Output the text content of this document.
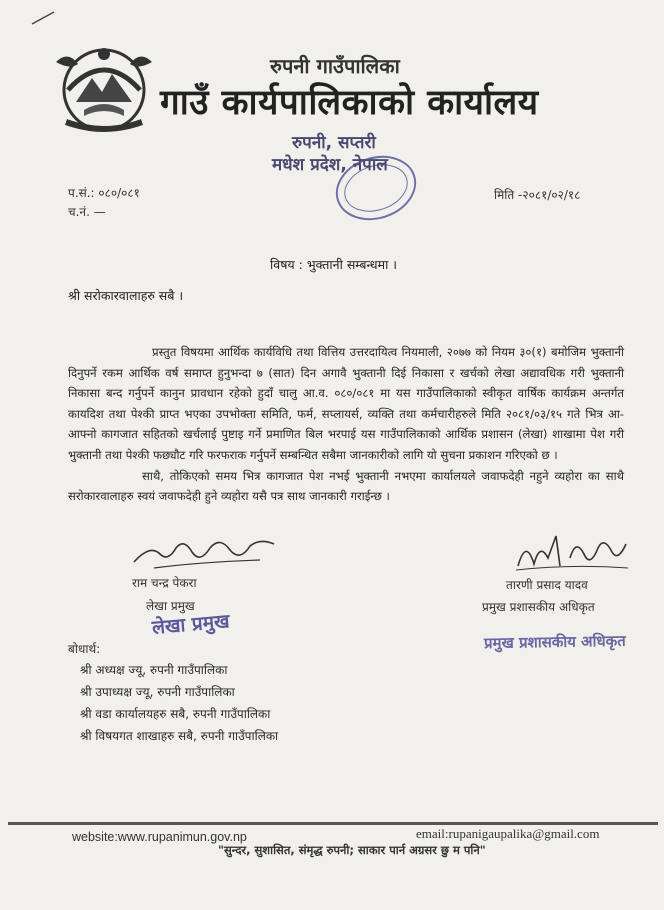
रुपनी गाउँपालिका
गाउँ कार्यपालिकाको कार्यालय
रुपनी, सप्तरी
मधेश प्रदेश, नेपाल
प.सं.: ०८०/०८१
च.नं. —
मिति -२०८१/०२/१८
विषय : भुक्तानी सम्बन्धमा ।
श्री सरोकारवालाहरु सबै ।

प्रस्तुत विषयमा आर्थिक कार्यविधि तथा वित्तिय उत्तरदायित्व नियमाली, २०७७ को नियम ३०(१) बमोजिम भुक्तानी दिनुपर्ने रकम आर्थिक वर्ष समाप्त हुनुभन्दा ७ (सात) दिन अगावै भुक्तानी दिई निकासा र खर्चको लेखा अद्यावधिक गरी भुक्तानी निकासा बन्द गर्नुपर्ने कानुन प्रावधान रहेको हुदाँ चालु आ.व. ०८०/०८१ मा यस गाउँपालिकाको स्वीकृत वार्षिक कार्यक्रम अन्तर्गत कायदिश तथा पेश्की प्राप्त भएका उपभोक्ता समिति, फर्म, सप्लायर्स, व्यक्ति तथा कर्मचारीहरुले मिति २०८१/०३/१५ गते भित्र आ-आफ्नो कागजात सहितको खर्चलाई पुष्टाइ गर्ने प्रमाणित बिल भरपाई यस गाउँपालिकाको आर्थिक प्रशासन (लेखा) शाखामा पेश गरी भुक्तानी तथा पेश्की फछ्यौट गरि फरफराक गर्नुपर्ने सम्बन्धित सबैमा जानकारीको लागि यो सुचना प्रकाशन गरिएको छ ।

साथै, तोकिएको समय भित्र कागजात पेश नभई भुक्तानी नभएमा कार्यालयले जवाफदेही नहुने व्यहोरा का साथै सरोकारवालाहरु स्वयं जवाफदेही हुने व्यहोरा यसै पत्र साथ जानकारी गराईन्छ ।

राम चन्द्र पेकरा
लेखा प्रमुख
तारणी प्रसाद यादव
प्रमुख प्रशासकीय अधिकृत
लेखा प्रमुख
प्रमुख प्रशासकीय अधिकृत
बोधार्थ:
श्री अध्यक्ष ज्यू, रुपनी गाउँपालिका
श्री उपाध्यक्ष ज्यू, रुपनी गाउँपालिका
श्री वडा कार्यालयहरु सबै, रुपनी गाउँपालिका
श्री विषयगत शाखाहरु सबै, रुपनी गाउँपालिका
website:www.rupanimun.gov.np	email:rupanigaupalika@gmail.com
"सुन्दर, सुशासित, संमृद्ध रुपनी; साकार पार्न अग्रसर छु म पनि"
